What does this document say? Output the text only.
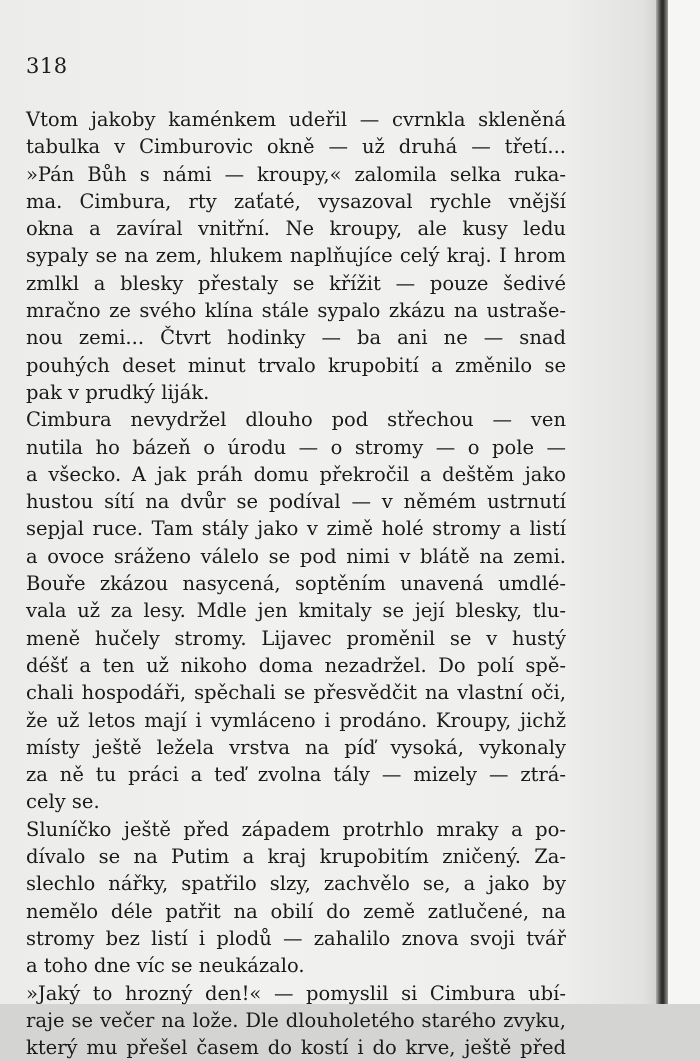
318
Vtom jakoby kaménkem udeřil — cvrnkla skleněná
tabulka v Cimburovic okně — už druhá — třetí...
»Pán Bůh s námi — kroupy,« zalomila selka ruka-
ma. Cimbura, rty zaťaté, vysazoval rychle vnější
okna a zavíral vnitřní. Ne kroupy, ale kusy ledu
sypaly se na zem, hlukem naplňujíce celý kraj. I hrom
zmlkl a blesky přestaly se křížit — pouze šedivé
mračno ze svého klína stále sypalo zkázu na ustraše-
nou zemi... Čtvrt hodinky — ba ani ne — snad
pouhých deset minut trvalo krupobití a změnilo se
pak v prudký liják.
Cimbura nevydržel dlouho pod střechou — ven
nutila ho bázeň o úrodu — o stromy — o pole —
a všecko. A jak práh domu překročil a deštěm jako
hustou sítí na dvůr se podíval — v němém ustrnutí
sepjal ruce. Tam stály jako v zimě holé stromy a listí
a ovoce sráženo válelo se pod nimi v blátě na zemi.
Bouře zkázou nasycená, soptěním unavená umdlé-
vala už za lesy. Mdle jen kmitaly se její blesky, tlu-
meně hučely stromy. Lijavec proměnil se v hustý
déšť a ten už nikoho doma nezadržel. Do polí spě-
chali hospodáři, spěchali se přesvědčit na vlastní oči,
že už letos mají i vymláceno i prodáno. Kroupy, jichž
místy ještě ležela vrstva na píď vysoká, vykonaly
za ně tu práci a teď zvolna tály — mizely — ztrá-
cely se.
Sluníčko ještě před západem protrhlo mraky a po-
dívalo se na Putim a kraj krupobitím zničený. Za-
slechlo nářky, spatřilo slzy, zachvělo se, a jako by
nemělo déle patřit na obilí do země zatlučené, na
stromy bez listí i plodů — zahalilo znova svoji tvář
a toho dne víc se neukázalo.
»Jaký to hrozný den!« — pomyslil si Cimbura ubí-
raje se večer na lože. Dle dlouholetého starého zvyku,
který mu přešel časem do kostí i do krve, ještě před
